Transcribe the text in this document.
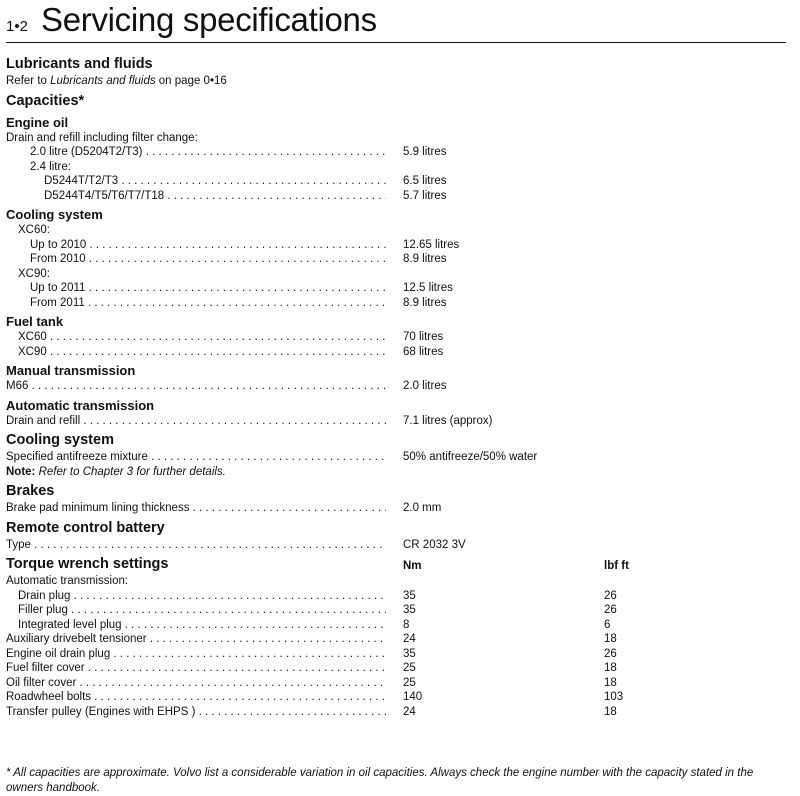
1•2 Servicing specifications
Lubricants and fluids
Refer to Lubricants and fluids on page 0•16
Capacities*
Engine oil
Drain and refill including filter change:
2.0 litre (D5204T2/T3) . . .	5.9 litres
2.4 litre:
D5244T/T2/T3 . . .	6.5 litres
D5244T4/T5/T6/T7/T18 . . .	5.7 litres
Cooling system
XC60:
Up to 2010 . . .	12.65 litres
From 2010 . . .	8.9 litres
XC90:
Up to 2011 . . .	12.5 litres
From 2011 . . .	8.9 litres
Fuel tank
XC60 . . .	70 litres
XC90 . . .	68 litres
Manual transmission
M66 . . .	2.0 litres
Automatic transmission
Drain and refill . . .	7.1 litres (approx)
Cooling system
Specified antifreeze mixture . . .	50% antifreeze/50% water
Note: Refer to Chapter 3 for further details.
Brakes
Brake pad minimum lining thickness . . .	2.0 mm
Remote control battery
Type . . .	CR 2032 3V
Torque wrench settings	Nm	lbf ft
Automatic transmission:
Drain plug . . .	35	26
Filler plug . . .	35	26
Integrated level plug . . .	8	6
Auxiliary drivebelt tensioner . . .	24	18
Engine oil drain plug . . .	35	26
Fuel filter cover . . .	25	18
Oil filter cover . . .	25	18
Roadwheel bolts . . .	140	103
Transfer pulley (Engines with EHPS ) . . .	24	18
* All capacities are approximate. Volvo list a considerable variation in oil capacities. Always check the engine number with the capacity stated in the owners handbook.
